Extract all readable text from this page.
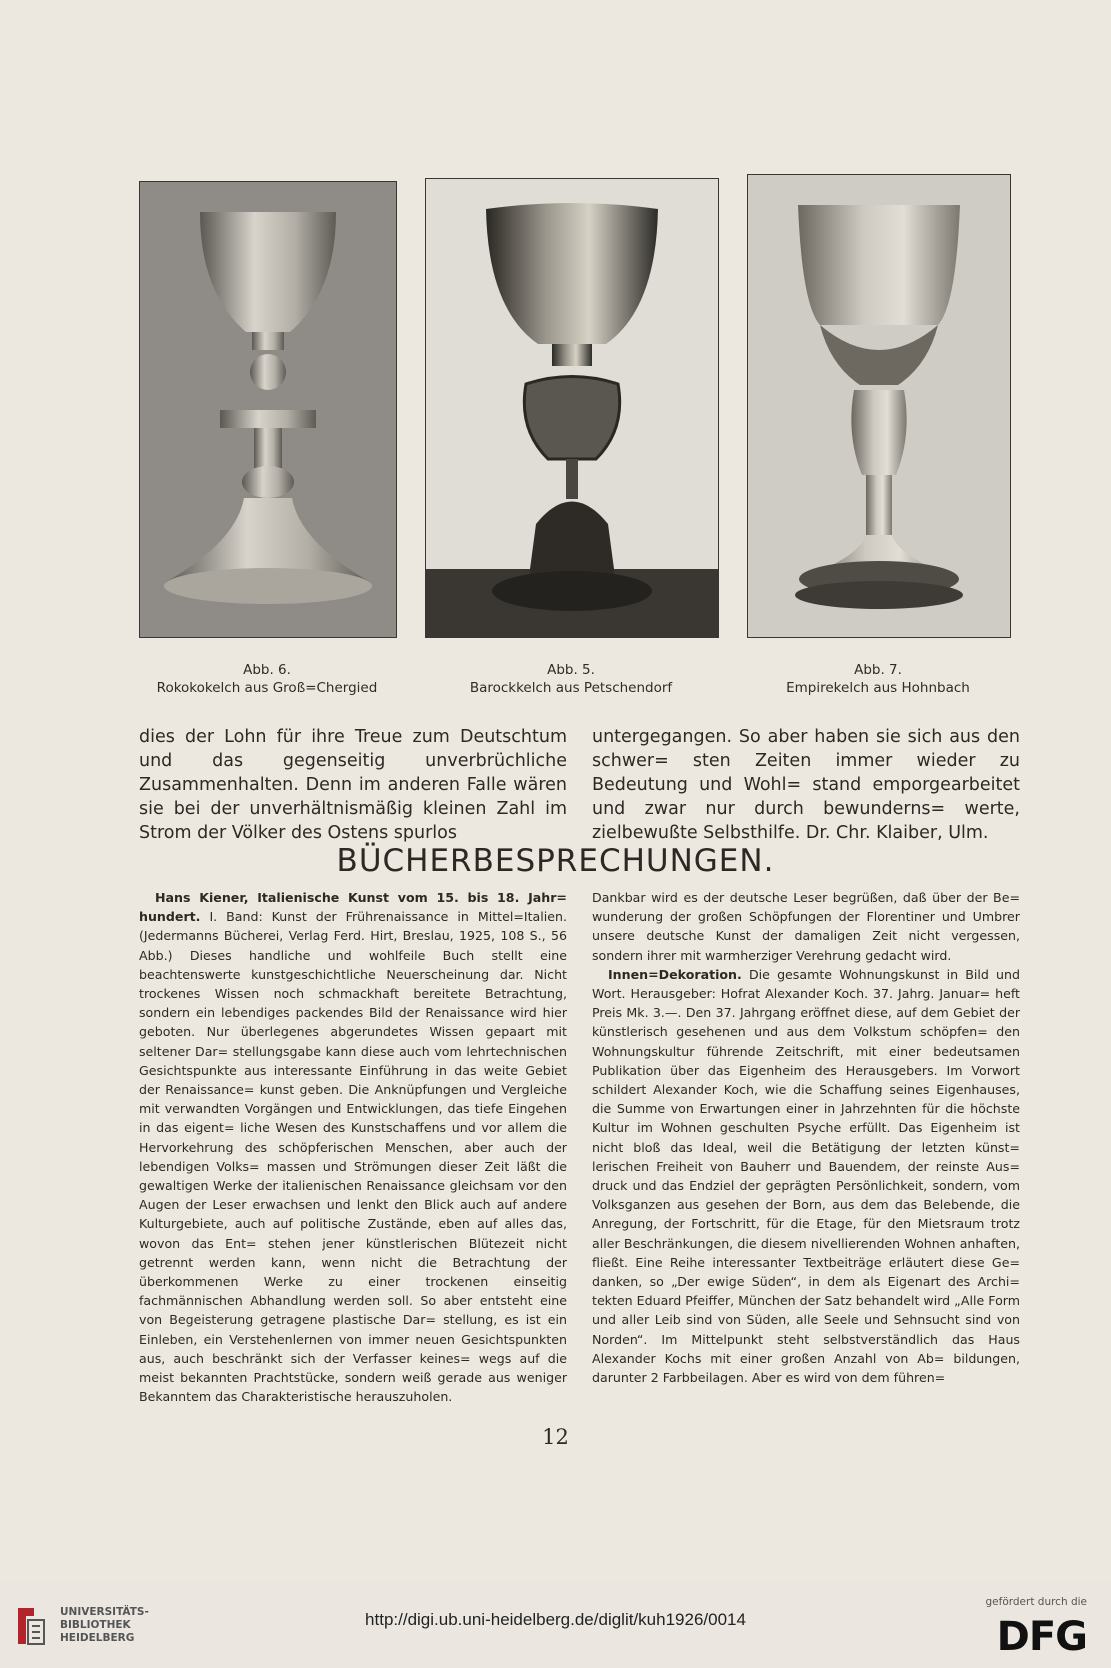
Abb. 6.
Rokokokelch aus Groß=Chergied
Abb. 5.
Barockkelch aus Petschendorf
Abb. 7.
Empirekelch aus Hohnbach
dies der Lohn für ihre Treue zum Deutschtum und das gegenseitig unverbrüchliche Zusammenhalten. Denn im anderen Falle wären sie bei der unverhältnismäßig kleinen Zahl im Strom der Völker des Ostens spurlos
untergegangen. So aber haben sie sich aus den schwer= sten Zeiten immer wieder zu Bedeutung und Wohl= stand emporgearbeitet und zwar nur durch bewunderns= werte, zielbewußte Selbsthilfe. Dr. Chr. Klaiber, Ulm.
BÜCHERBESPRECHUNGEN.

Hans Kiener, Italienische Kunst vom 15. bis 18. Jahr= hundert. I. Band: Kunst der Frührenaissance in Mittel=Italien. (Jedermanns Bücherei, Verlag Ferd. Hirt, Breslau, 1925, 108 S., 56 Abb.) Dieses handliche und wohlfeile Buch stellt eine beachtenswerte kunstgeschichtliche Neuerscheinung dar. Nicht trockenes Wissen noch schmackhaft bereitete Betrachtung, sondern ein lebendiges packendes Bild der Renaissance wird hier geboten. Nur überlegenes abgerundetes Wissen gepaart mit seltener Dar= stellungsgabe kann diese auch vom lehrtechnischen Gesichtspunkte aus interessante Einführung in das weite Gebiet der Renaissance= kunst geben. Die Anknüpfungen und Vergleiche mit verwandten Vorgängen und Entwicklungen, das tiefe Eingehen in das eigent= liche Wesen des Kunstschaffens und vor allem die Hervorkehrung des schöpferischen Menschen, aber auch der lebendigen Volks= massen und Strömungen dieser Zeit läßt die gewaltigen Werke der italienischen Renaissance gleichsam vor den Augen der Leser erwachsen und lenkt den Blick auch auf andere Kulturgebiete, auch auf politische Zustände, eben auf alles das, wovon das Ent= stehen jener künstlerischen Blütezeit nicht getrennt werden kann, wenn nicht die Betrachtung der überkommenen Werke zu einer trockenen einseitig fachmännischen Abhandlung werden soll. So aber entsteht eine von Begeisterung getragene plastische Dar= stellung, es ist ein Einleben, ein Verstehenlernen von immer neuen Gesichtspunkten aus, auch beschränkt sich der Verfasser keines= wegs auf die meist bekannten Prachtstücke, sondern weiß gerade aus weniger Bekanntem das Charakteristische herauszuholen.

Dankbar wird es der deutsche Leser begrüßen, daß über der Be= wunderung der großen Schöpfungen der Florentiner und Umbrer unsere deutsche Kunst der damaligen Zeit nicht vergessen, sondern ihrer mit warmherziger Verehrung gedacht wird.

Innen=Dekoration. Die gesamte Wohnungskunst in Bild und Wort. Herausgeber: Hofrat Alexander Koch. 37. Jahrg. Januar= heft Preis Mk. 3.—. Den 37. Jahrgang eröffnet diese, auf dem Gebiet der künstlerisch gesehenen und aus dem Volkstum schöpfen= den Wohnungskultur führende Zeitschrift, mit einer bedeutsamen Publikation über das Eigenheim des Herausgebers. Im Vorwort schildert Alexander Koch, wie die Schaffung seines Eigenhauses, die Summe von Erwartungen einer in Jahrzehnten für die höchste Kultur im Wohnen geschulten Psyche erfüllt. Das Eigenheim ist nicht bloß das Ideal, weil die Betätigung der letzten künst= lerischen Freiheit von Bauherr und Bauendem, der reinste Aus= druck und das Endziel der geprägten Persönlichkeit, sondern, vom Volksganzen aus gesehen der Born, aus dem das Belebende, die Anregung, der Fortschritt, für die Etage, für den Mietsraum trotz aller Beschränkungen, die diesem nivellierenden Wohnen anhaften, fließt. Eine Reihe interessanter Textbeiträge erläutert diese Ge= danken, so „Der ewige Süden“, in dem als Eigenart des Archi= tekten Eduard Pfeiffer, München der Satz behandelt wird „Alle Form und aller Leib sind von Süden, alle Seele und Sehnsucht sind von Norden“. Im Mittelpunkt steht selbstverständlich das Haus Alexander Kochs mit einer großen Anzahl von Ab= bildungen, darunter 2 Farbbeilagen. Aber es wird von dem führen=

12
UNIVERSITÄTS-
BIBLIOTHEK
HEIDELBERG
http://digi.ub.uni-heidelberg.de/diglit/kuh1926/0014
gefördert durch die
DFG
